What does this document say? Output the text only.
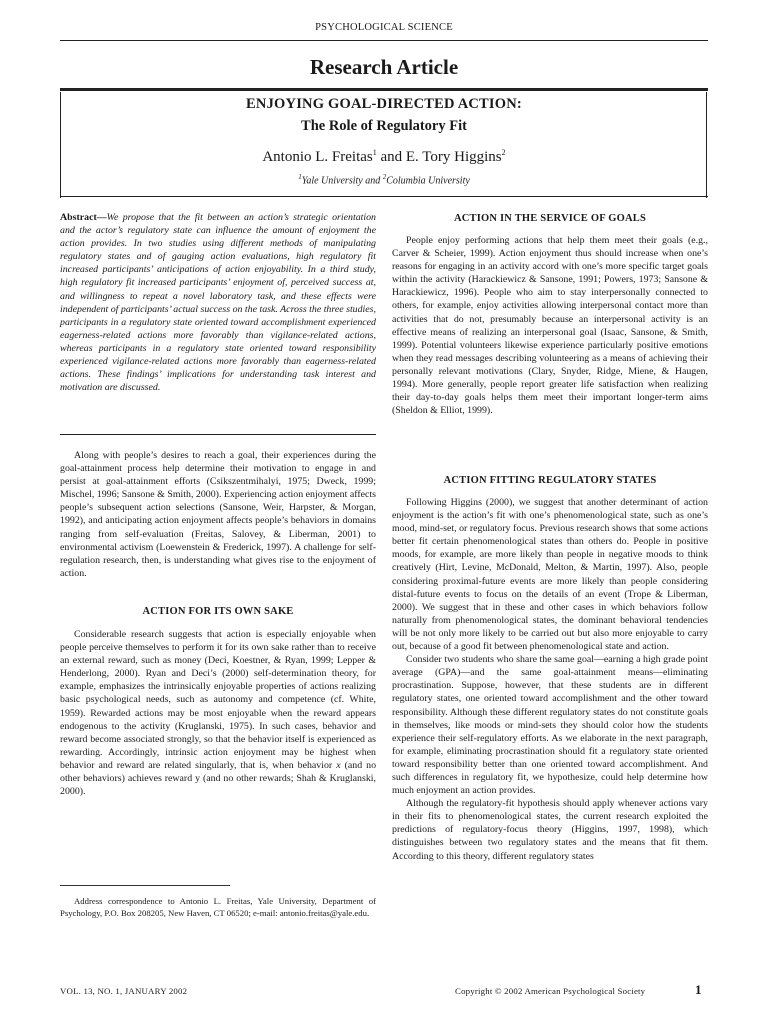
PSYCHOLOGICAL SCIENCE
Research Article
ENJOYING GOAL-DIRECTED ACTION:
The Role of Regulatory Fit
Antonio L. Freitas$^1$ and E. Tory Higgins$^2$
$^1$Yale University and $^2$Columbia University

Abstract—We propose that the fit between an action’s strategic orientation and the actor’s regulatory state can influence the amount of enjoyment the action provides. In two studies using different methods of manipulating regulatory states and of gauging action evaluations, high regulatory fit increased participants’ anticipations of action enjoyability. In a third study, high regulatory fit increased participants’ enjoyment of, perceived success at, and willingness to repeat a novel laboratory task, and these effects were independent of participants’ actual success on the task. Across the three studies, participants in a regulatory state oriented toward accomplishment experienced eagerness-related actions more favorably than vigilance-related actions, whereas participants in a regulatory state oriented toward responsibility experienced vigilance-related actions more favorably than eagerness-related actions. These findings’ implications for understanding task interest and motivation are discussed.

Along with people’s desires to reach a goal, their experiences during the goal-attainment process help determine their motivation to engage in and persist at goal-attainment efforts (Csikszentmihalyi, 1975; Dweck, 1999; Mischel, 1996; Sansone & Smith, 2000). Experiencing action enjoyment affects people’s subsequent action selections (Sansone, Weir, Harpster, & Morgan, 1992), and anticipating action enjoyment affects people’s behaviors in domains ranging from self-evaluation (Freitas, Salovey, & Liberman, 2001) to environmental activism (Loewenstein & Frederick, 1997). A challenge for self-regulation research, then, is understanding what gives rise to the enjoyment of action.

ACTION FOR ITS OWN SAKE

Considerable research suggests that action is especially enjoyable when people perceive themselves to perform it for its own sake rather than to receive an external reward, such as money (Deci, Koestner, & Ryan, 1999; Lepper & Henderlong, 2000). Ryan and Deci’s (2000) self-determination theory, for example, emphasizes the intrinsically enjoyable properties of actions realizing basic psychological needs, such as autonomy and competence (cf. White, 1959). Rewarded actions may be most enjoyable when the reward appears endogenous to the activity (Kruglanski, 1975). In such cases, behavior and reward become associated strongly, so that the behavior itself is experienced as rewarding. Accordingly, intrinsic action enjoyment may be highest when behavior and reward are related singularly, that is, when behavior x (and no other behaviors) achieves reward y (and no other rewards; Shah & Kruglanski, 2000).

Address correspondence to Antonio L. Freitas, Yale University, Department of Psychology, P.O. Box 208205, New Haven, CT 06520; e-mail: antonio.freitas@yale.edu.

ACTION IN THE SERVICE OF GOALS

People enjoy performing actions that help them meet their goals (e.g., Carver & Scheier, 1999). Action enjoyment thus should increase when one’s reasons for engaging in an activity accord with one’s more specific target goals within the activity (Harackiewicz & Sansone, 1991; Powers, 1973; Sansone & Harackiewicz, 1996). People who aim to stay interpersonally connected to others, for example, enjoy activities allowing interpersonal contact more than activities that do not, presumably because an interpersonal activity is an effective means of realizing an interpersonal goal (Isaac, Sansone, & Smith, 1999). Potential volunteers likewise experience particularly positive emotions when they read messages describing volunteering as a means of achieving their personally relevant motivations (Clary, Snyder, Ridge, Miene, & Haugen, 1994). More generally, people report greater life satisfaction when realizing their day-to-day goals helps them meet their important longer-term aims (Sheldon & Elliot, 1999).

ACTION FITTING REGULATORY STATES

Following Higgins (2000), we suggest that another determinant of action enjoyment is the action’s fit with one’s phenomenological state, such as one’s mood, mind-set, or regulatory focus. Previous research shows that some actions better fit certain phenomenological states than others do. People in positive moods, for example, are more likely than people in negative moods to think creatively (Hirt, Levine, McDonald, Melton, & Martin, 1997). Also, people considering proximal-future events are more likely than people considering distal-future events to focus on the details of an event (Trope & Liberman, 2000). We suggest that in these and other cases in which behaviors follow naturally from phenomenological states, the dominant behavioral tendencies will be not only more likely to be carried out but also more enjoyable to carry out, because of a good fit between phenomenological state and action.

Consider two students who share the same goal—earning a high grade point average (GPA)—and the same goal-attainment means—eliminating procrastination. Suppose, however, that these students are in different regulatory states, one oriented toward accomplishment and the other toward responsibility. Although these different regulatory states do not constitute goals in themselves, like moods or mind-sets they should color how the students experience their self-regulatory efforts. As we elaborate in the next paragraph, for example, eliminating procrastination should fit a regulatory state oriented toward responsibility better than one oriented toward accomplishment. And such differences in regulatory fit, we hypothesize, could help determine how much enjoyment an action provides.

Although the regulatory-fit hypothesis should apply whenever actions vary in their fits to phenomenological states, the current research exploited the predictions of regulatory-focus theory (Higgins, 1997, 1998), which distinguishes between two regulatory states and the means that fit them. According to this theory, different regulatory states

VOL. 13, NO. 1, JANUARY 2002	Copyright © 2002 American Psychological Society	1
